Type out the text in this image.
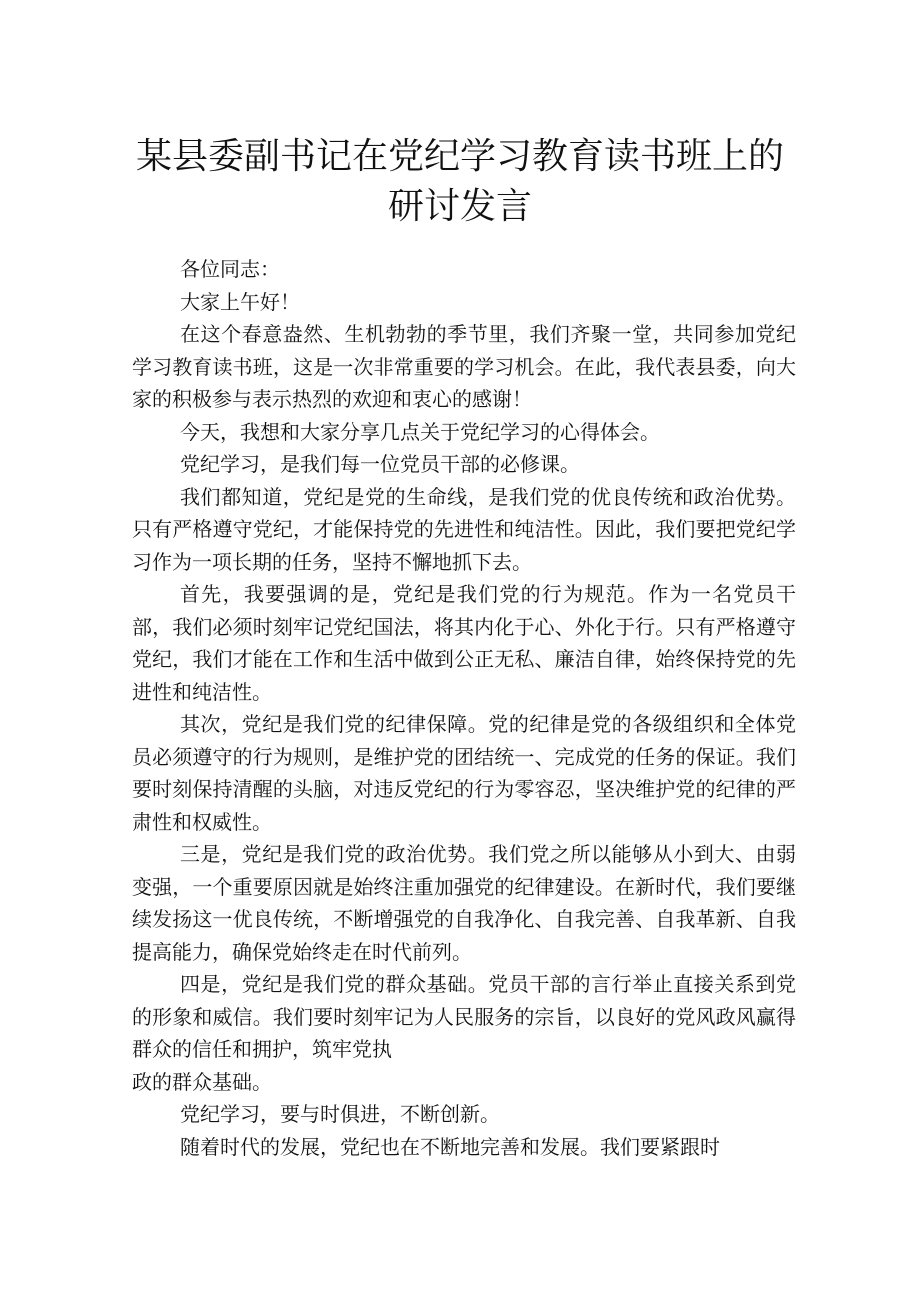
某县委副书记在党纪学习教育读书班上的研讨发言

各位同志：

大家上午好！

在这个春意盎然、生机勃勃的季节里，我们齐聚一堂，共同参加党纪学习教育读书班，这是一次非常重要的学习机会。在此，我代表县委，向大家的积极参与表示热烈的欢迎和衷心的感谢！

今天，我想和大家分享几点关于党纪学习的心得体会。

党纪学习，是我们每一位党员干部的必修课。

我们都知道，党纪是党的生命线，是我们党的优良传统和政治优势。只有严格遵守党纪，才能保持党的先进性和纯洁性。因此，我们要把党纪学习作为一项长期的任务，坚持不懈地抓下去。

首先，我要强调的是，党纪是我们党的行为规范。作为一名党员干部，我们必须时刻牢记党纪国法，将其内化于心、外化于行。只有严格遵守党纪，我们才能在工作和生活中做到公正无私、廉洁自律，始终保持党的先进性和纯洁性。

其次，党纪是我们党的纪律保障。党的纪律是党的各级组织和全体党员必须遵守的行为规则，是维护党的团结统一、完成党的任务的保证。我们要时刻保持清醒的头脑，对违反党纪的行为零容忍，坚决维护党的纪律的严肃性和权威性。

三是，党纪是我们党的政治优势。我们党之所以能够从小到大、由弱变强，一个重要原因就是始终注重加强党的纪律建设。在新时代，我们要继续发扬这一优良传统，不断增强党的自我净化、自我完善、自我革新、自我提高能力，确保党始终走在时代前列。

四是，党纪是我们党的群众基础。党员干部的言行举止直接关系到党的形象和威信。我们要时刻牢记为人民服务的宗旨，以良好的党风政风赢得群众的信任和拥护，筑牢党执

政的群众基础。

党纪学习，要与时俱进，不断创新。

随着时代的发展，党纪也在不断地完善和发展。我们要紧跟时
